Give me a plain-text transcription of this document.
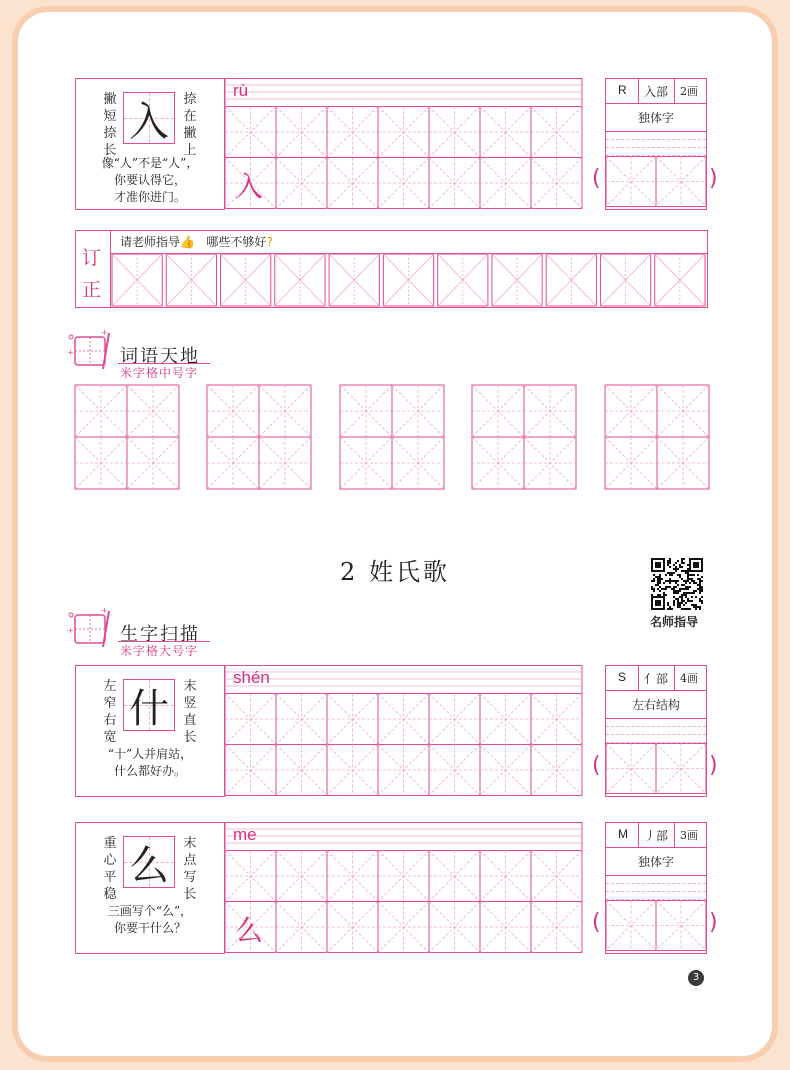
入
撇
短
捺
长
捺
在
撇
上
像“人”不是“人”，
你要认得它，
才准你进门。
rù
入
R 入部 2画
独体字
(	)
订
正
请老师指导👍 哪些不够好?
+
+
词语天地
米字格中号字
2 姓氏歌
名师指导
+
+
生字扫描
米字格大号字
什
左
窄
右
宽
末
竖
直
长
“十”人并肩站，
什么都好办。
shén	S 亻部 4画
左右结构
(	)
么
重
心
平
稳
末
点
写
长
三画写个“么”，
你要干什么？
me
么
M 丿部 3画
独体字
(	)
3
